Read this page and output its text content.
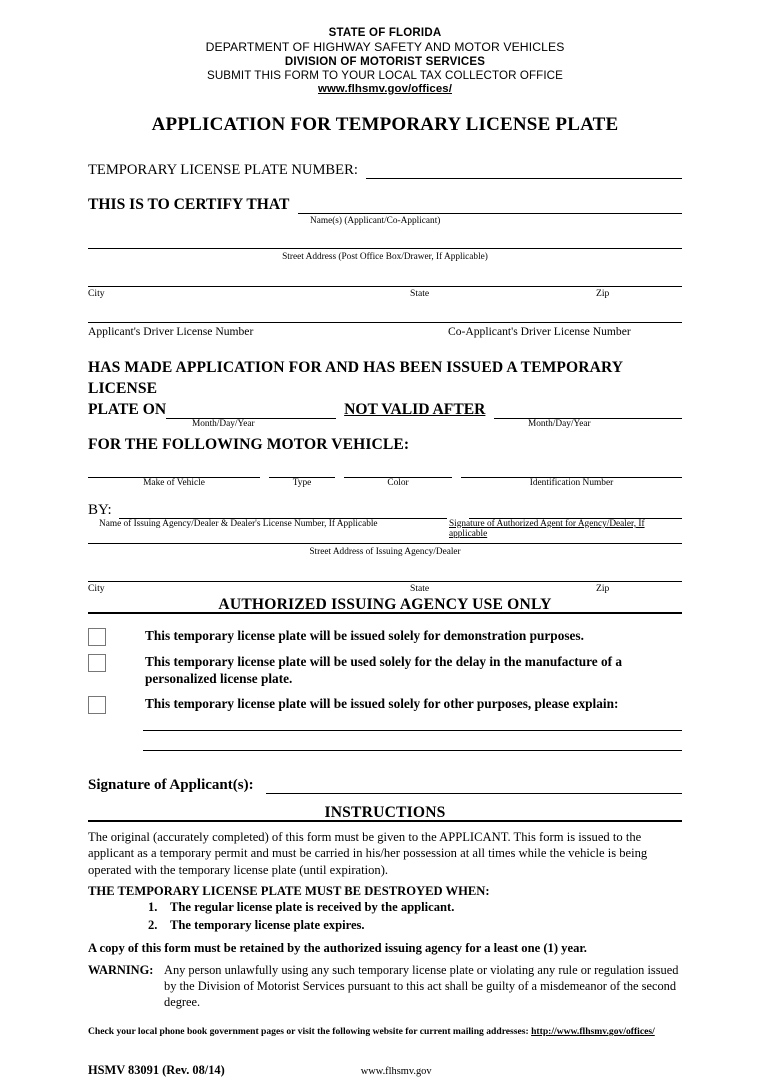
STATE OF FLORIDA
DEPARTMENT OF HIGHWAY SAFETY AND MOTOR VEHICLES
DIVISION OF MOTORIST SERVICES
SUBMIT THIS FORM TO YOUR LOCAL TAX COLLECTOR OFFICE
www.flhsmv.gov/offices/
APPLICATION FOR TEMPORARY LICENSE PLATE
TEMPORARY LICENSE PLATE NUMBER:
THIS IS TO CERTIFY THAT
Name(s) (Applicant/Co-Applicant)
Street Address (Post Office Box/Drawer, If Applicable)
City	State	Zip
Applicant's Driver License Number	Co-Applicant's Driver License Number
HAS MADE APPLICATION FOR AND HAS BEEN ISSUED A TEMPORARY LICENSE
PLATE ON	NOT VALID AFTER
Month/Day/Year	Month/Day/Year
FOR THE FOLLOWING MOTOR VEHICLE:
Make of Vehicle	Type	Color	Identification Number
BY:
Name of Issuing Agency/Dealer & Dealer's License Number, If Applicable	Signature of Authorized Agent for Agency/Dealer, If applicable
Street Address of Issuing Agency/Dealer
City	State	Zip
AUTHORIZED ISSUING AGENCY USE ONLY
This temporary license plate will be issued solely for demonstration purposes.
This temporary license plate will be used solely for the delay in the manufacture of a personalized license plate.
This temporary license plate will be issued solely for other purposes, please explain:
Signature of Applicant(s):
INSTRUCTIONS
The original (accurately completed) of this form must be given to the APPLICANT. This form is issued to the applicant as a temporary permit and must be carried in his/her possession at all times while the vehicle is being operated with the temporary license plate (until expiration).
THE TEMPORARY LICENSE PLATE MUST BE DESTROYED WHEN:
1. The regular license plate is received by the applicant.
2. The temporary license plate expires.
A copy of this form must be retained by the authorized issuing agency for a least one (1) year.
WARNING: Any person unlawfully using any such temporary license plate or violating any rule or regulation issued by the Division of Motorist Services pursuant to this act shall be guilty of a misdemeanor of the second degree.
Check your local phone book government pages or visit the following website for current mailing addresses: http://www.flhsmv.gov/offices/
HSMV 83091 (Rev. 08/14)	www.flhsmv.gov
